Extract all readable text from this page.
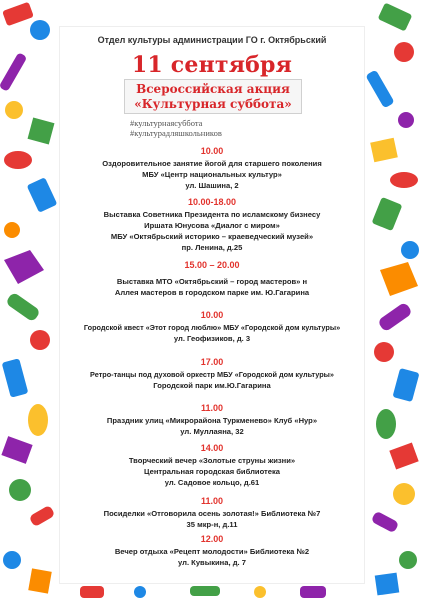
Отдел культуры администрации ГО г. Октябрьский
11 сентября
Всероссийская акция
«Культурная суббота»
#культурнаясуббота
#культурадляшкольников
10.00
Оздоровительное занятие йогой для старшего поколения
МБУ «Центр национальных культур»
ул. Шашина, 2
10.00-18.00
Выставка Советника Президента по исламскому бизнесу
Иршата Юнусова «Диалог с миром»
МБУ «Октябрьский историко – краеведческий музей»
пр. Ленина, д.25
15.00 – 20.00
Выставка МТО «Октябрьский – город мастеров» н
Аллея мастеров в городском парке им. Ю.Гагарина
10.00
Городской квест «Этот город люблю» МБУ «Городской дом культуры»
ул. Геофизиков, д. 3
17.00
Ретро-танцы под духовой оркестр МБУ «Городской дом культуры»
Городской парк им.Ю.Гагарина
11.00
Праздник улиц «Микрорайона Туркменево» Клуб «Нур»
ул. Муллаяна, 32
14.00
Творческий вечер «Золотые струны жизни»
Центральная городская библиотека
ул. Садовое кольцо, д.61
11.00
Посиделки «Отговорила осень золотая!» Библиотека №7
35 мкр-н, д.11
12.00
Вечер отдыха «Рецепт молодости» Библиотека №2
ул. Кувыкина, д. 7
